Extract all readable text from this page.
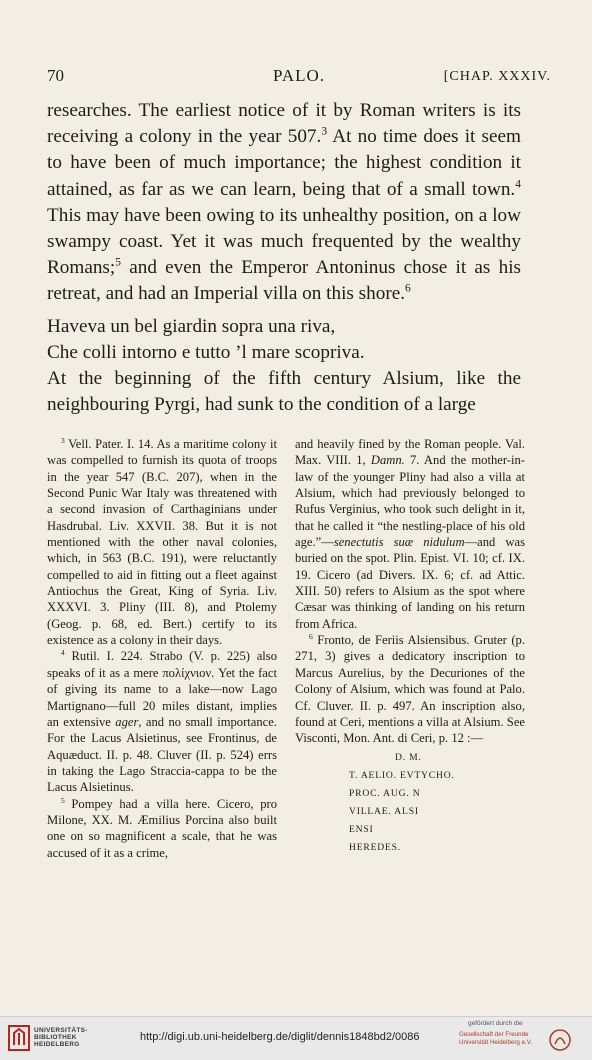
70	PALO.	[CHAP. XXXIV.

researches. The earliest notice of it by Roman writers is its receiving a colony in the year 507.$^3$ At no time does it seem to have been of much importance; the highest condition it attained, as far as we can learn, being that of a small town.$^4$ This may have been owing to its unhealthy position, on a low swampy coast. Yet it was much frequented by the wealthy Romans;$^5$ and even the Emperor Antoninus chose it as his retreat, and had an Imperial villa on this shore.$^6$

Haveva un bel giardin sopra una riva,
Che colli intorno e tutto ’l mare scopriva.

At the beginning of the fifth century Alsium, like the neighbouring Pyrgi, had sunk to the condition of a large

$^3$ Vell. Pater. I. 14. As a maritime colony it was compelled to furnish its quota of troops in the year 547 (B.C. 207), when in the Second Punic War Italy was threatened with a second invasion of Carthaginians under Hasdrubal. Liv. XXVII. 38. But it is not mentioned with the other naval colonies, which, in 563 (B.C. 191), were reluctantly compelled to aid in fitting out a fleet against Antiochus the Great, King of Syria. Liv. XXXVI. 3. Pliny (III. 8), and Ptolemy (Geog. p. 68, ed. Bert.) certify to its existence as a colony in their days.

$^4$ Rutil. I. 224. Strabo (V. p. 225) also speaks of it as a mere πολίχνιον. Yet the fact of giving its name to a lake—now Lago Martignano—full 20 miles distant, implies an extensive ager, and no small importance. For the Lacus Alsietinus, see Frontinus, de Aquæduct. II. p. 48. Cluver (II. p. 524) errs in taking the Lago Straccia-cappa to be the Lacus Alsietinus.

$^5$ Pompey had a villa here. Cicero, pro Milone, XX. M. Æmilius Porcina also built one on so magnificent a scale, that he was accused of it as a crime,

and heavily fined by the Roman people. Val. Max. VIII. 1, Damn. 7. And the mother-in-law of the younger Pliny had also a villa at Alsium, which had previously belonged to Rufus Verginius, who took such delight in it, that he called it “the nestling-place of his old age.”—senectutis suæ nidulum—and was buried on the spot. Plin. Epist. VI. 10; cf. IX. 19. Cicero (ad Divers. IX. 6; cf. ad Attic. XIII. 50) refers to Alsium as the spot where Cæsar was thinking of landing on his return from Africa.

$^6$ Fronto, de Feriis Alsiensibus. Gruter (p. 271, 3) gives a dedicatory inscription to Marcus Aurelius, by the Decuriones of the Colony of Alsium, which was found at Palo. Cf. Cluver. II. p. 497. An inscription also, found at Ceri, mentions a villa at Alsium. See Visconti, Mon. Ant. di Ceri, p. 12 :—

D. M.
T. AELIO. EVTYCHO.
PROC. AUG. N
VILLAE. ALSI
ENSI
HEREDES.
UNIVERSITÄTS-
BIBLIOTHEK
HEIDELBERG
http://digi.ub.uni-heidelberg.de/diglit/dennis1848bd2/0086
gefördert durch die
Gesellschaft der Freunde
Universität Heidelberg e.V.
